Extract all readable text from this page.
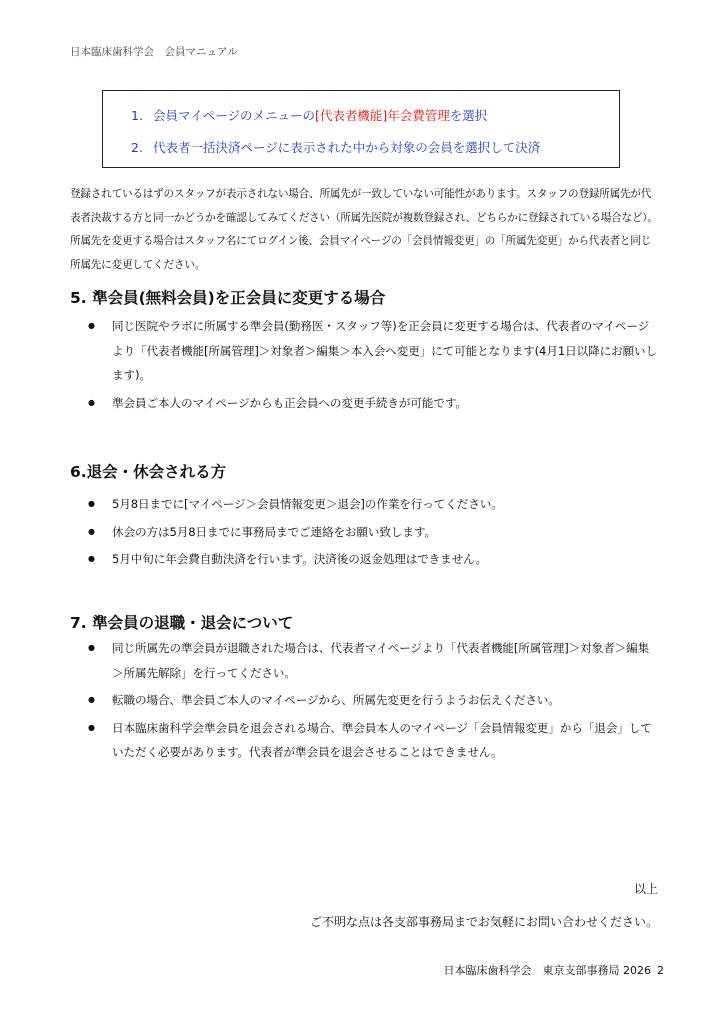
日本臨床歯科学会　会員マニュアル
1. 会員マイページのメニューの[代表者機能]年会費管理を選択
2. 代表者一括決済ページに表示された中から対象の会員を選択して決済
登録されているはずのスタッフが表示されない場合、所属先が一致していない可能性があります。スタッフの登録所属先が代表者決裁する方と同一かどうかを確認してみてください（所属先医院が複数登録され、どちらかに登録されている場合など）。所属先を変更する場合はスタッフ名にてログイン後、会員マイページの「会員情報変更」の「所属先変更」から代表者と同じ所属先に変更してください。
5. 準会員(無料会員)を正会員に変更する場合
● 同じ医院やラボに所属する準会員(勤務医・スタッフ等)を正会員に変更する場合は、代表者のマイページより「代表者機能[所属管理]＞対象者＞編集＞本入会へ変更」にて可能となります(4月1日以降にお願いします)。
● 準会員ご本人のマイページからも正会員への変更手続きが可能です。
6.退会・休会される方
● 5月8日までに[マイページ＞会員情報変更＞退会]の作業を行ってください。
● 休会の方は5月8日までに事務局までご連絡をお願い致します。
● 5月中旬に年会費自動決済を行います。決済後の返金処理はできません。
7. 準会員の退職・退会について
● 同じ所属先の準会員が退職された場合は、代表者マイページより「代表者機能[所属管理]＞対象者＞編集＞所属先解除」を行ってください。
● 転職の場合、準会員ご本人のマイページから、所属先変更を行うようお伝えください。
● 日本臨床歯科学会準会員を退会される場合、準会員本人のマイページ「会員情報変更」から「退会」していただく必要があります。代表者が準会員を退会させることはできません。
以上
ご不明な点は各支部事務局までお気軽にお問い合わせください。
日本臨床歯科学会　東京支部事務局 2026 2
